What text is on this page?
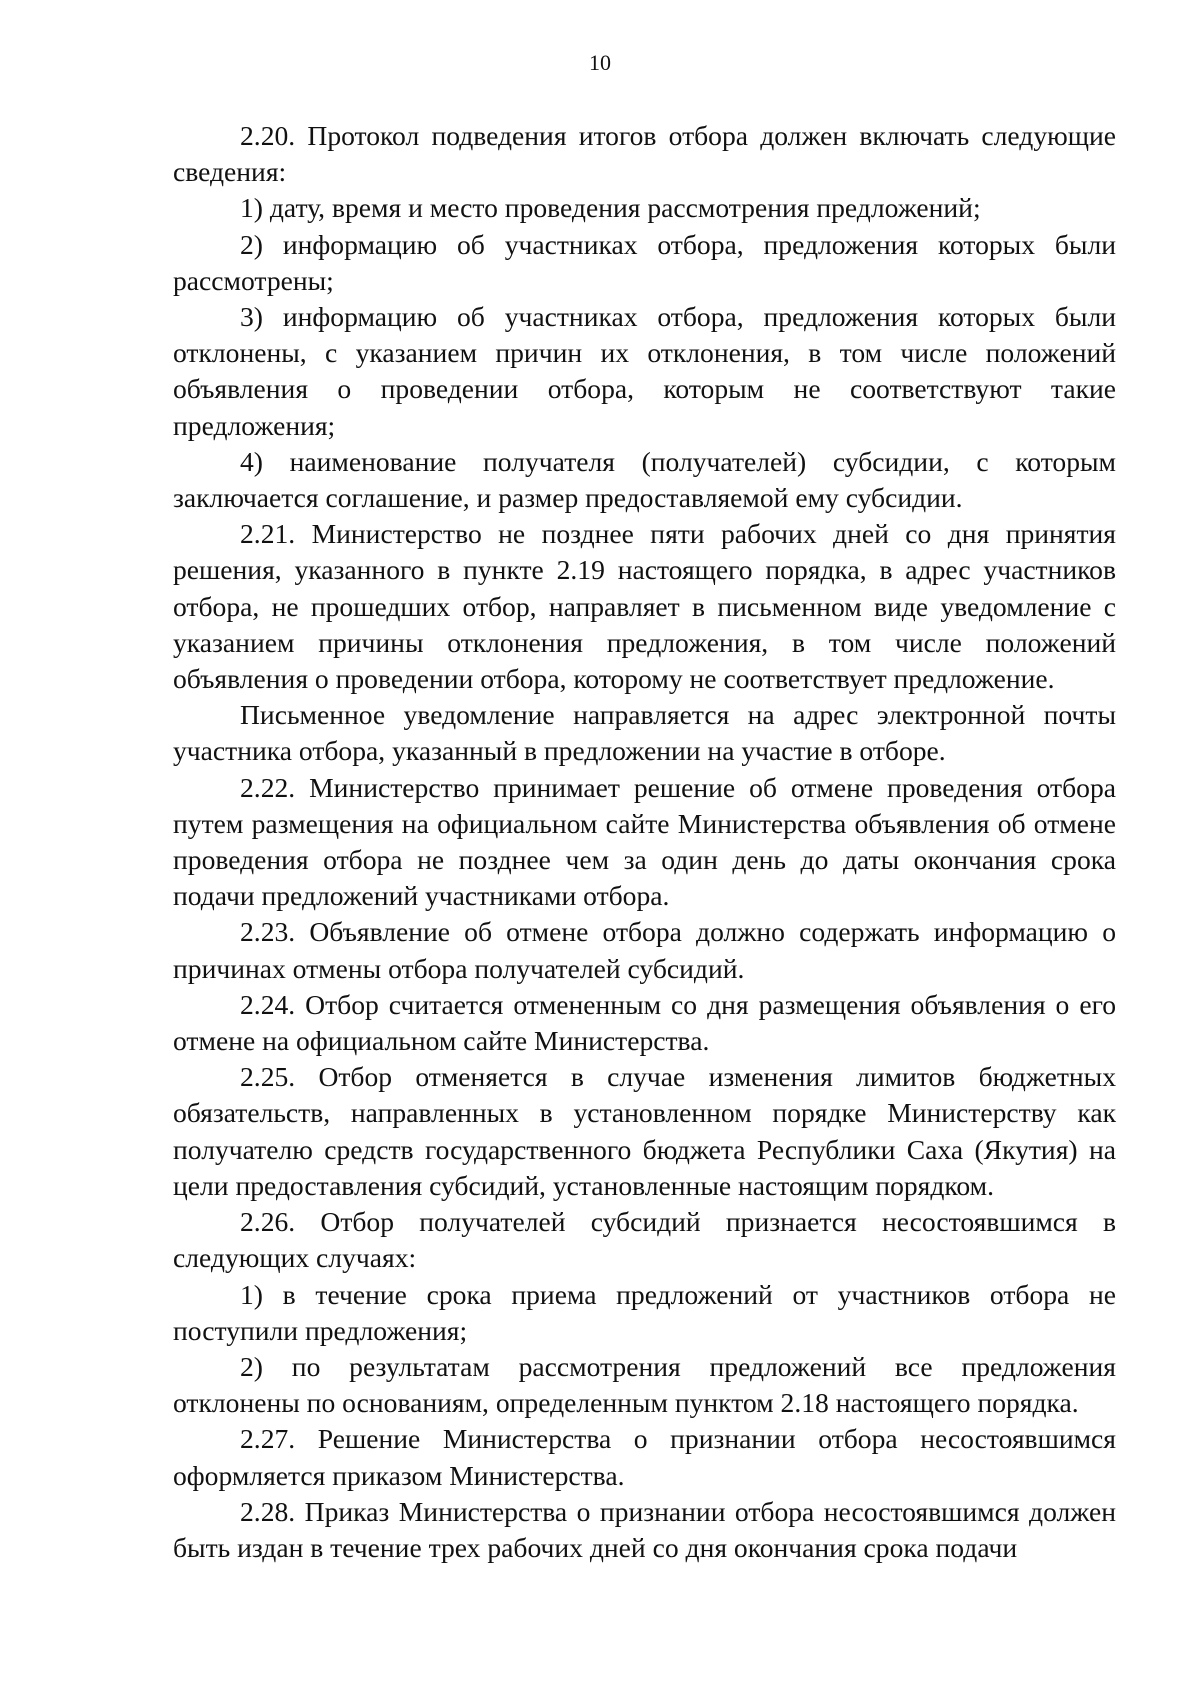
10

2.20. Протокол подведения итогов отбора должен включать следующие сведения:

1) дату, время и место проведения рассмотрения предложений;

2) информацию об участниках отбора, предложения которых были рассмотрены;

3) информацию об участниках отбора, предложения которых были отклонены, с указанием причин их отклонения, в том числе положений объявления о проведении отбора, которым не соответствуют такие предложения;

4) наименование получателя (получателей) субсидии, с которым заключается соглашение, и размер предоставляемой ему субсидии.

2.21. Министерство не позднее пяти рабочих дней со дня принятия решения, указанного в пункте 2.19 настоящего порядка, в адрес участников отбора, не прошедших отбор, направляет в письменном виде уведомление с указанием причины отклонения предложения, в том числе положений объявления о проведении отбора, которому не соответствует предложение.

Письменное уведомление направляется на адрес электронной почты участника отбора, указанный в предложении на участие в отборе.

2.22. Министерство принимает решение об отмене проведения отбора путем размещения на официальном сайте Министерства объявления об отмене проведения отбора не позднее чем за один день до даты окончания срока подачи предложений участниками отбора.

2.23. Объявление об отмене отбора должно содержать информацию о причинах отмены отбора получателей субсидий.

2.24. Отбор считается отмененным со дня размещения объявления о его отмене на официальном сайте Министерства.

2.25. Отбор отменяется в случае изменения лимитов бюджетных обязательств, направленных в установленном порядке Министерству как получателю средств государственного бюджета Республики Саха (Якутия) на цели предоставления субсидий, установленные настоящим порядком.

2.26. Отбор получателей субсидий признается несостоявшимся в следующих случаях:

1) в течение срока приема предложений от участников отбора не поступили предложения;

2) по результатам рассмотрения предложений все предложения отклонены по основаниям, определенным пунктом 2.18 настоящего порядка.

2.27. Решение Министерства о признании отбора несостоявшимся оформляется приказом Министерства.

2.28. Приказ Министерства о признании отбора несостоявшимся должен быть издан в течение трех рабочих дней со дня окончания срока подачи
